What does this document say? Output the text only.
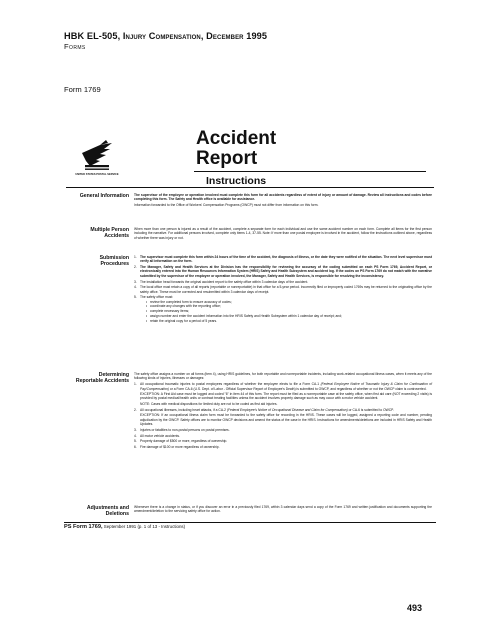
HBK EL-505, Injury Compensation, December 1995
Forms
Form 1769
UNITED STATES POSTAL SERVICE
Accident
Report
Instructions
General Information The supervisor of the employee or operation involved must complete this form for all accidents regardless of extent of injury or amount of damage. Review all instructions and codes before completing this form. The Safety and Health office is available for assistance.

Information forwarded to the Office of Workers' Compensation Programs (OWCP) must not differ from information on this form.

Multiple Person Accidents

When more than one person is injured as a result of the accident, complete a separate form for each individual and use the same accident number on each form. Complete all items for the first person including the narrative. For additional persons involved, complete only items 1-4, 37-55. Note: If more than one postal employee is involved in the accident, follow the instructions outlined above, regardless of whether there was injury or not.

Submission Procedures
1. The supervisor must complete this form within 24 hours of the time of the accident, the diagnosis of illness, or the date they were notified of the situation. The next level supervisor must verify all information on the form.
2. The Manager, Safety and Health Services at the Division has the responsibility for reviewing the accuracy of the coding submitted on each PS Form 1769, Accident Report, or electronically entered into the Human Resources Information System (HRIS) Safety and Health Subsystem and accident log. If the codes on PS Form 1769 do not match with the narrative submitted by the supervisor of the employee or operation involved, the Manager, Safety and Health Services, is responsible for resolving the inconsistency.
3. The installation head forwards the original accident report to the safety office within 3 calendar days of the accident.
4. The local office must retain a copy of all reports (reportable or nonreportable) in that office for a 5-year period. Incorrectly filed or improperly coded 1769s may be returned to the originating office by the safety office. These must be corrected and resubmitted within 3 calendar days of receipt.
5. The safety office must:
• review the completed form to ensure accuracy of codes;
• coordinate any changes with the reporting office;
• complete necessary items;
• assign number and enter the accident information into the HRIS Safety and Health Subsystem within 1 calendar day of receipt; and;
• retain the original copy for a period of 5 years.
Determining Reportable Accidents

The safety office assigns a number on all forms (item 4), using HRIS guidelines, for both reportable and nonreportable incidents, including work-related occupational illness cases, when it meets any of the following kinds of injuries, illnesses or damages:

1. All occupational traumatic injuries to postal employees regardless of whether the employee elects to file a Form CA-1 (Federal Employee Notice of Traumatic Injury & Claim for Continuation of Pay/Compensation) or a Form CA-6 (U.S. Dept. of Labor - Official Supervisor Report of Employee's Death) is submitted to OWCP, and regardless of whether or not the OWCP claim is controverted.

EXCEPTION: A First Aid case must be logged and coded "6" in item 44 of this form. The report must be filed as a nonreportable case at the safety office, when first aid care (NOT exceeding 2 visits) is provided by postal medical/health units or contract treating facilities unless the accident involves property damage such as may occur with a motor vehicle accident.

NOTE: Cases with medical dispositions for limited duty are not to be coded as first aid injuries.

2. All occupational illnesses, including heart attacks, if a CA-2 (Federal Employee's Notice of Occupational Disease and Claim for Compensation) or CA-6 is submitted to OWCP.

EXCEPTION: If an occupational illness claim form must be forwarded to the safety office for recording in the HRIS. These cases will be logged, assigned a reporting code and number, pending adjudication by the OWCP. Safety offices are to monitor OWCP decisions and amend the status of the case in the HRIS. Instructions for amendments/deletions are included in HRIS Safety and Health Updates.

3. Injuries or fatalities to non-postal persons on postal premises.
4. All motor vehicle accidents.
5. Property damage of $500 or more, regardless of ownership.
6. Fire damage of $100 or more regardless of ownership.
Adjustments and Deletions

Whenever there is a change in status, or if you discover an error in a previously filed 1769, within 3 calendar days send a copy of the Form 1769 and written justification and documents supporting the amendment/deletion to the servicing safety office for action.

PS Form 1769, September 1991 (p. 1 of 13 - Instructions)
493
